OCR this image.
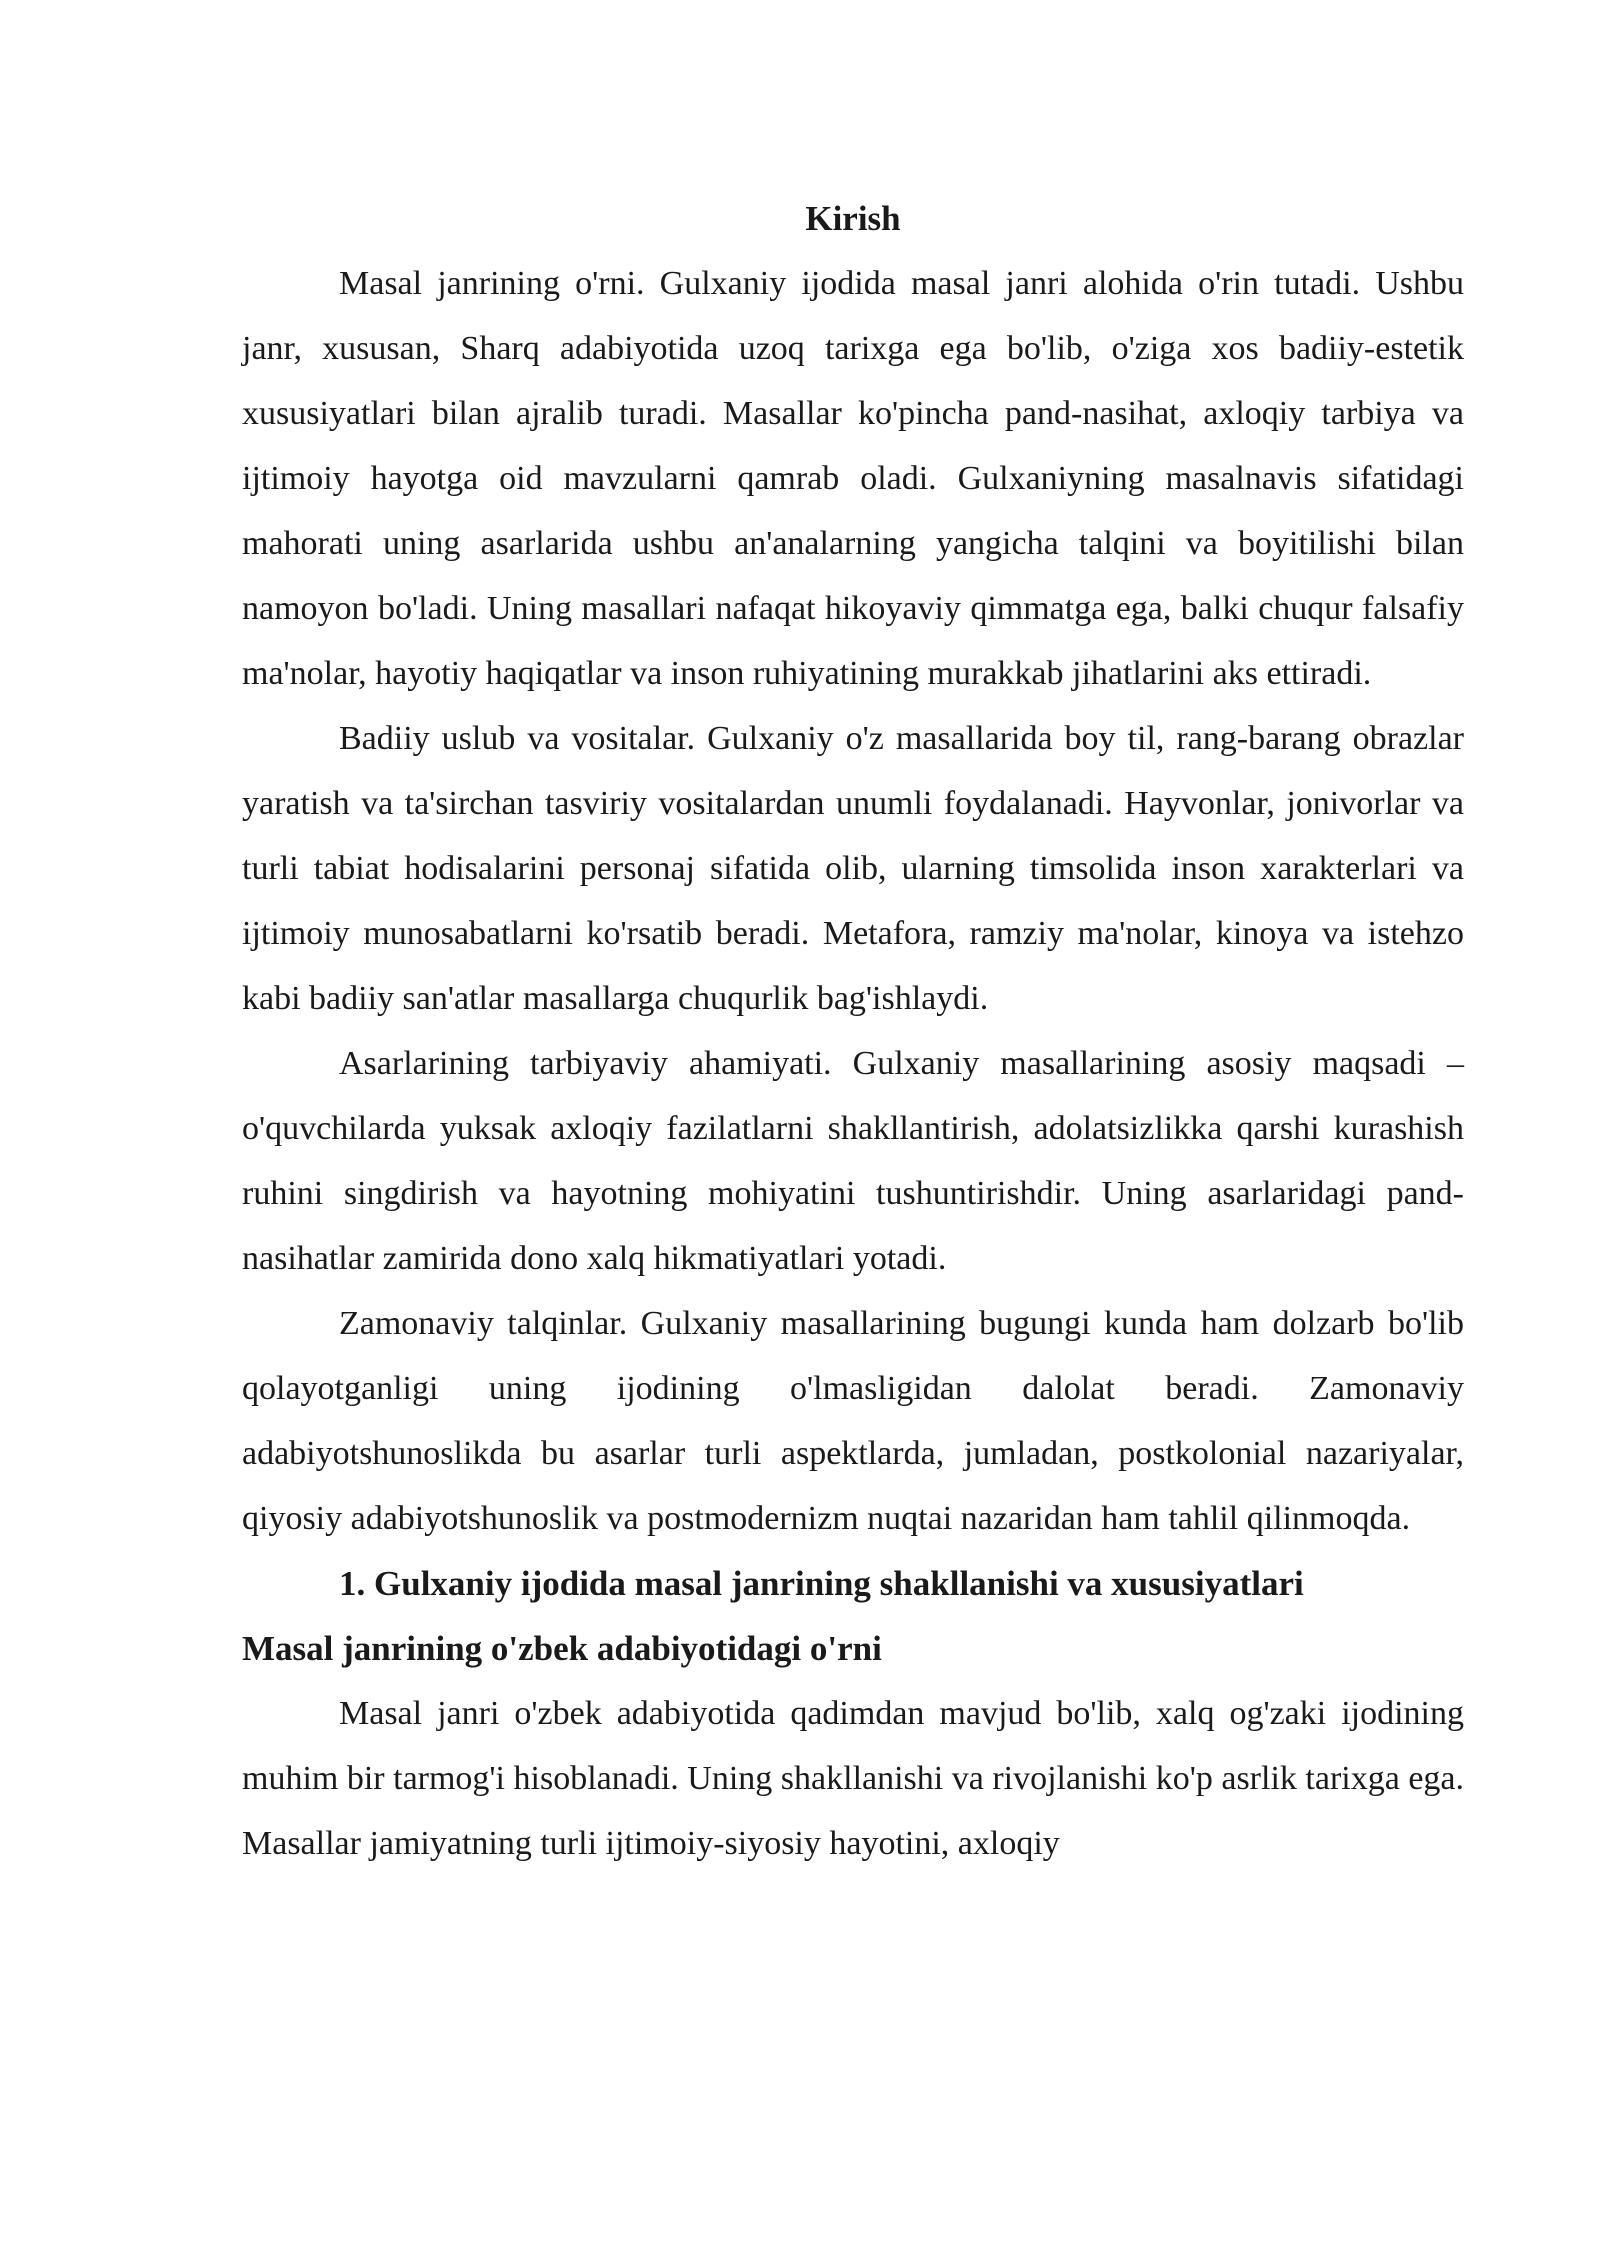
Kirish

Masal janrining o'rni. Gulxaniy ijodida masal janri alohida o'rin tutadi. Ushbu janr, xususan, Sharq adabiyotida uzoq tarixga ega bo'lib, o'ziga xos badiiy-estetik xususiyatlari bilan ajralib turadi. Masallar ko'pincha pand-nasihat, axloqiy tarbiya va ijtimoiy hayotga oid mavzularni qamrab oladi. Gulxaniyning masalnavis sifatidagi mahorati uning asarlarida ushbu an'analarning yangicha talqini va boyitilishi bilan namoyon bo'ladi. Uning masallari nafaqat hikoyaviy qimmatga ega, balki chuqur falsafiy ma'nolar, hayotiy haqiqatlar va inson ruhiyatining murakkab jihatlarini aks ettiradi.

Badiiy uslub va vositalar. Gulxaniy o'z masallarida boy til, rang-barang obrazlar yaratish va ta'sirchan tasviriy vositalardan unumli foydalanadi. Hayvonlar, jonivorlar va turli tabiat hodisalarini personaj sifatida olib, ularning timsolida inson xarakterlari va ijtimoiy munosabatlarni ko'rsatib beradi. Metafora, ramziy ma'nolar, kinoya va istehzo kabi badiiy san'atlar masallarga chuqurlik bag'ishlaydi.

Asarlarining tarbiyaviy ahamiyati. Gulxaniy masallarining asosiy maqsadi – o'quvchilarda yuksak axloqiy fazilatlarni shakllantirish, adolatsizlikka qarshi kurashish ruhini singdirish va hayotning mohiyatini tushuntirishdir. Uning asarlaridagi pand-nasihatlar zamirida dono xalq hikmatiyatlari yotadi.

Zamonaviy talqinlar. Gulxaniy masallarining bugungi kunda ham dolzarb bo'lib qolayotganligi uning ijodining o'lmasligidan dalolat beradi. Zamonaviy adabiyotshunoslikda bu asarlar turli aspektlarda, jumladan, postkolonial nazariyalar, qiyosiy adabiyotshunoslik va postmodernizm nuqtai nazaridan ham tahlil qilinmoqda.

1. Gulxaniy ijodida masal janrining shakllanishi va xususiyatlari
Masal janrining o'zbek adabiyotidagi o'rni

Masal janri o'zbek adabiyotida qadimdan mavjud bo'lib, xalq og'zaki ijodining muhim bir tarmog'i hisoblanadi. Uning shakllanishi va rivojlanishi ko'p asrlik tarixga ega. Masallar jamiyatning turli ijtimoiy-siyosiy hayotini, axloqiy
